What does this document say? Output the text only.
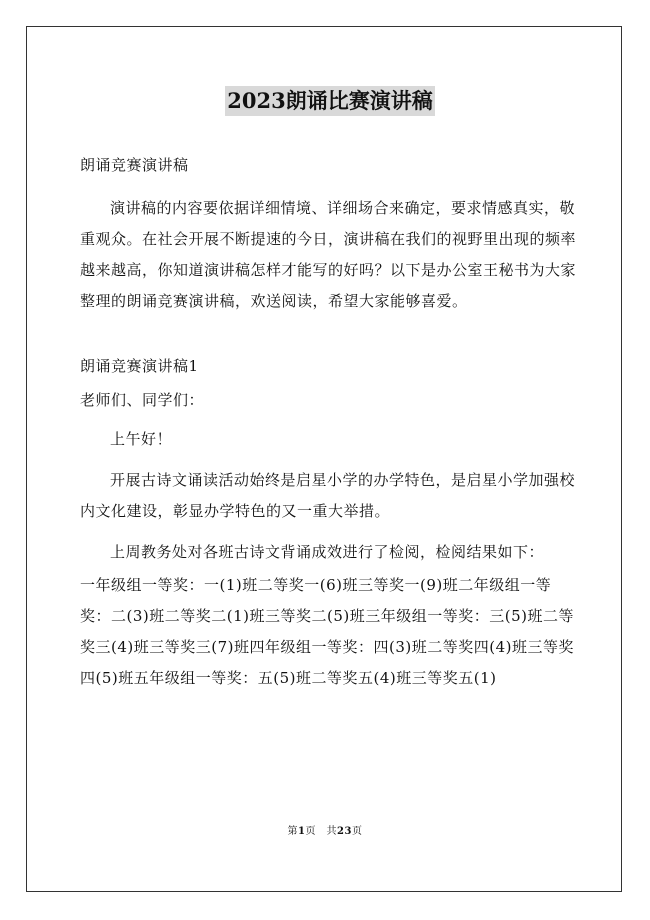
2023朗诵比赛演讲稿

朗诵竞赛演讲稿

演讲稿的内容要依据详细情境、详细场合来确定，要求情感真实，敬重观众。在社会开展不断提速的今日，演讲稿在我们的视野里出现的频率越来越高，你知道演讲稿怎样才能写的好吗？以下是办公室王秘书为大家整理的朗诵竞赛演讲稿，欢送阅读，希望大家能够喜爱。

朗诵竞赛演讲稿1

老师们、同学们：

上午好！

开展古诗文诵读活动始终是启星小学的办学特色，是启星小学加强校内文化建设，彰显办学特色的又一重大举措。

上周教务处对各班古诗文背诵成效进行了检阅，检阅结果如下：

一年级组一等奖：一(1)班二等奖一(6)班三等奖一(9)班二年级组一等奖：二(3)班二等奖二(1)班三等奖二(5)班三年级组一等奖：三(5)班二等奖三(4)班三等奖三(7)班四年级组一等奖：四(3)班二等奖四(4)班三等奖四(5)班五年级组一等奖：五(5)班二等奖五(4)班三等奖五(1)

第1页　共23页
